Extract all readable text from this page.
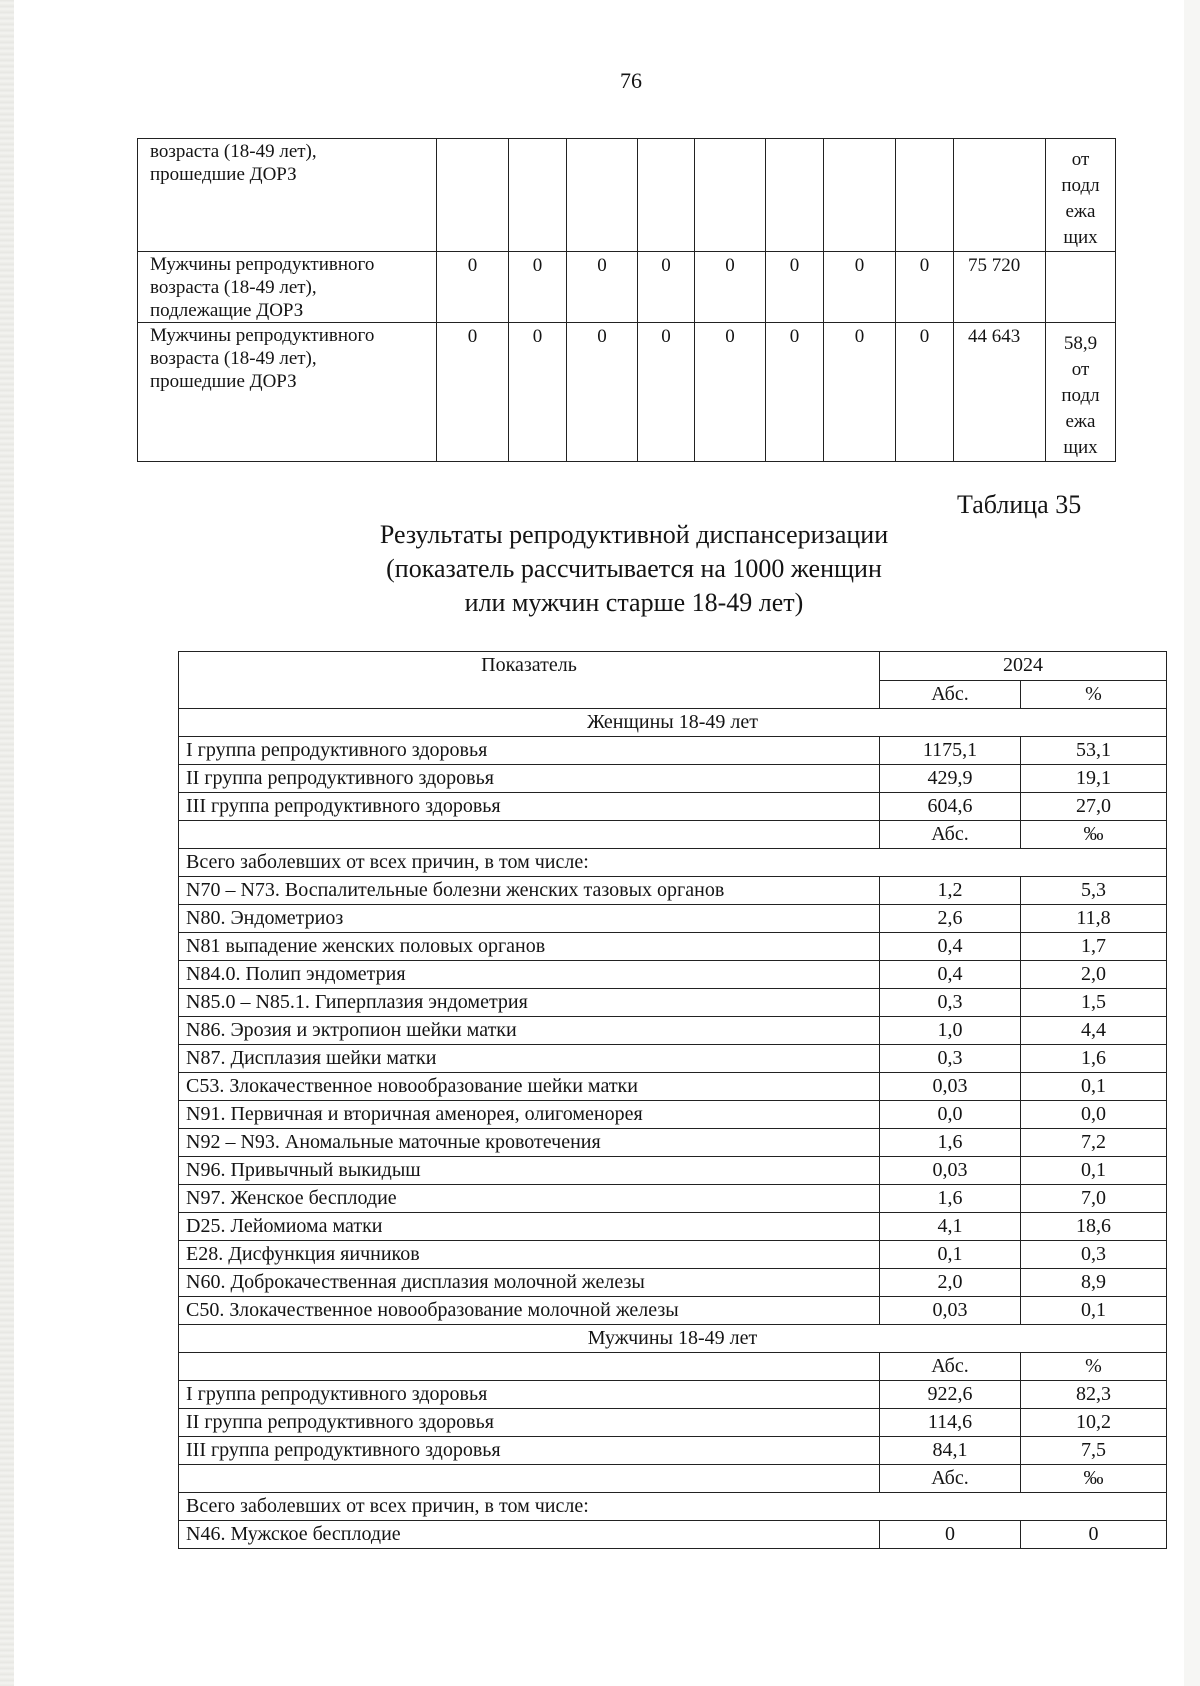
76
возраста (18-49 лет),
прошедшие ДОРЗ										от
подл
ежа
щих

Мужчины репродуктивного
возраста (18-49 лет),
подлежащие ДОРЗ	0	0	0	0	0	0	0	0	75 720	

Мужчины репродуктивного
возраста (18-49 лет),
прошедшие ДОРЗ	0	0	0	0	0	0	0	0	44 643	58,9
от
подл
ежа
щих
Таблица 35
Результаты репродуктивной диспансеризации
(показатель рассчитывается на 1000 женщин
или мужчин старше 18-49 лет)
Показатель	2024	
	Абс.	%
Женщины 18-49 лет		
I группа репродуктивного здоровья	1175,1	53,1
II группа репродуктивного здоровья	429,9	19,1
III группа репродуктивного здоровья	604,6	27,0
	Абс.	‰
Всего заболевших от всех причин, в том числе:		
N70 – N73. Воспалительные болезни женских тазовых органов	1,2	5,3
N80. Эндометриоз	2,6	11,8
N81 выпадение женских половых органов	0,4	1,7
N84.0. Полип эндометрия	0,4	2,0
N85.0 – N85.1. Гиперплазия эндометрия	0,3	1,5
N86. Эрозия и эктропион шейки матки	1,0	4,4
N87. Дисплазия шейки матки	0,3	1,6
С53. Злокачественное новообразование шейки матки	0,03	0,1
N91. Первичная и вторичная аменорея, олигоменорея	0,0	0,0
N92 – N93. Аномальные маточные кровотечения	1,6	7,2
N96. Привычный выкидыш	0,03	0,1
N97. Женское бесплодие	1,6	7,0
D25. Лейомиома матки	4,1	18,6
Е28. Дисфункция яичников	0,1	0,3
N60. Доброкачественная дисплазия молочной железы	2,0	8,9
С50. Злокачественное новообразование молочной железы	0,03	0,1
Мужчины 18-49 лет		
	Абс.	%
I группа репродуктивного здоровья	922,6	82,3
II группа репродуктивного здоровья	114,6	10,2
III группа репродуктивного здоровья	84,1	7,5
	Абс.	‰
Всего заболевших от всех причин, в том числе:		
N46. Мужское бесплодие	0	0
